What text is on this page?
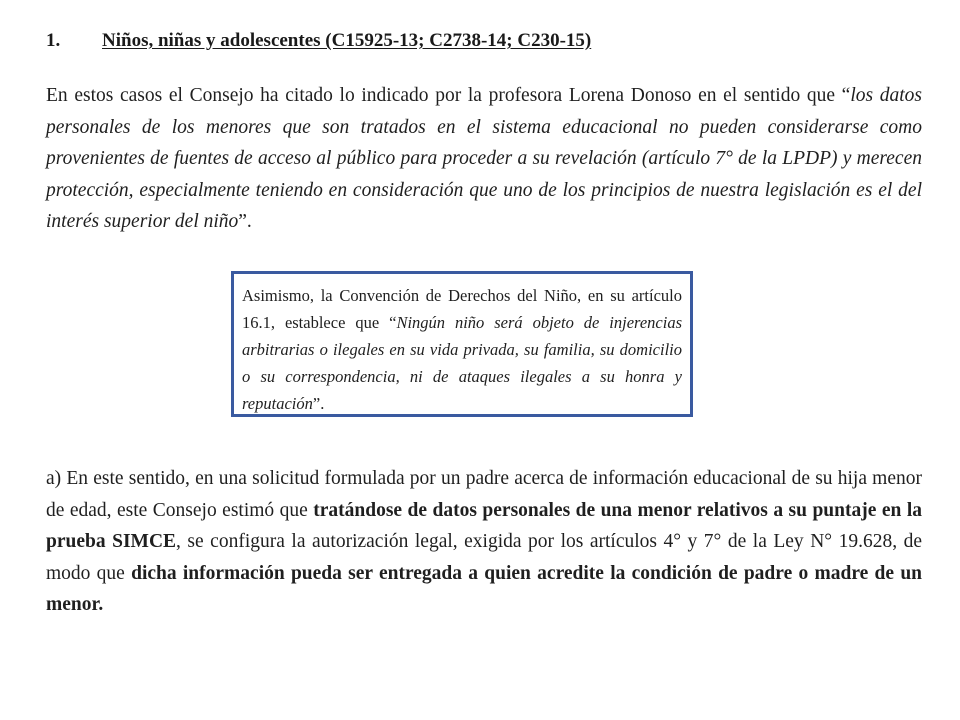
1. Niños, niñas y adolescentes (C15925-13; C2738-14; C230-15)

En estos casos el Consejo ha citado lo indicado por la profesora Lorena Donoso en el sentido que “los datos personales de los menores que son tratados en el sistema educacional no pueden considerarse como provenientes de fuentes de acceso al público para proceder a su revelación (artículo 7° de la LPDP) y merecen protección, especialmente teniendo en consideración que uno de los principios de nuestra legislación es el del interés superior del niño”.

Asimismo, la Convención de Derechos del Niño, en su artículo 16.1, establece que “Ningún niño será objeto de injerencias arbitrarias o ilegales en su vida privada, su familia, su domicilio o su correspondencia, ni de ataques ilegales a su honra y reputación”.

a) En este sentido, en una solicitud formulada por un padre acerca de información educacional de su hija menor de edad, este Consejo estimó que tratándose de datos personales de una menor relativos a su puntaje en la prueba SIMCE, se configura la autorización legal, exigida por los artículos 4° y 7° de la Ley N° 19.628, de modo que dicha información pueda ser entregada a quien acredite la condición de padre o madre de un menor.
